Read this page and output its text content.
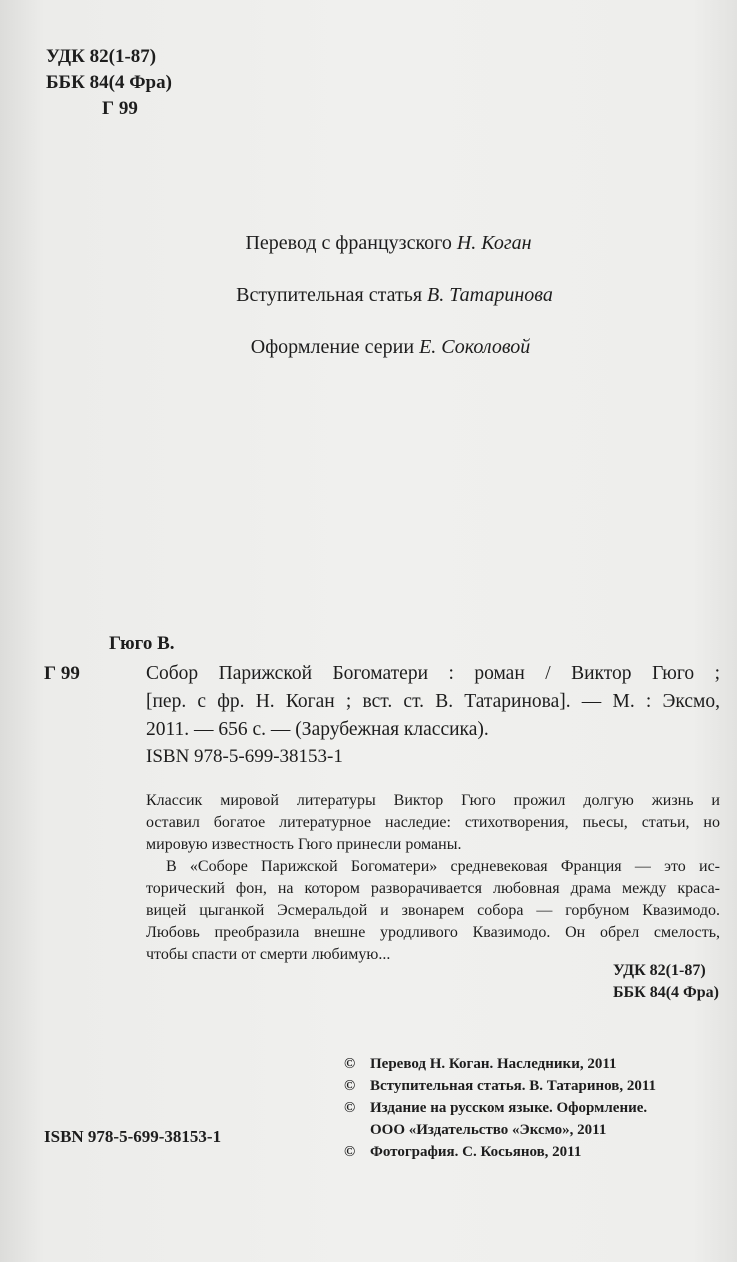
УДК 82(1-87)
ББК 84(4 Фра)
Г 99
Перевод с французского Н. Коган
Вступительная статья В. Татаринова
Оформление серии Е. Соколовой
Гюго В.
Г 99	Собор Парижской Богоматери : роман / Виктор Гюго ;
[пер. с фр. Н. Коган ; вст. ст. В. Татаринова]. — М. : Эксмо,
2011. — 656 с. — (Зарубежная классика).
ISBN 978-5-699-38153-1
Классик мировой литературы Виктор Гюго прожил долгую жизнь и
оставил богатое литературное наследие: стихотворения, пьесы, статьи, но
мировую известность Гюго принесли романы.
В «Соборе Парижской Богоматери» средневековая Франция — это ис-
торический фон, на котором разворачивается любовная драма между краса-
вицей цыганкой Эсмеральдой и звонарем собора — горбуном Квазимодо.
Любовь преобразила внешне уродливого Квазимодо. Он обрел смелость,
чтобы спасти от смерти любимую...
УДК 82(1-87)
ББК 84(4 Фра)
© Перевод Н. Коган. Наследники, 2011
© Вступительная статья. В. Татаринов, 2011
© Издание на русском языке. Оформление.
ООО «Издательство «Эксмо», 2011
© Фотография. С. Косьянов, 2011
ISBN 978-5-699-38153-1
